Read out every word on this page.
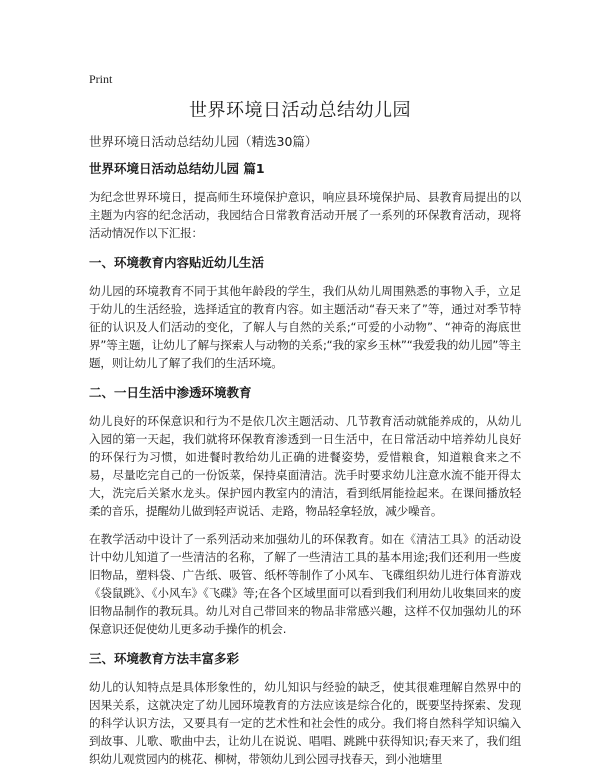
Print
世界环境日活动总结幼儿园

世界环境日活动总结幼儿园（精选30篇）

世界环境日活动总结幼儿园 篇1

为纪念世界环境日，提高师生环境保护意识，响应县环境保护局、县教育局提出的以主题为内容的纪念活动，我园结合日常教育活动开展了一系列的环保教育活动，现将活动情况作以下汇报：

一、环境教育内容贴近幼儿生活

幼儿园的环境教育不同于其他年龄段的学生，我们从幼儿周围熟悉的事物入手，立足于幼儿的生活经验，选择适宜的教育内容。如主题活动“春天来了”等，通过对季节特征的认识及人们活动的变化，了解人与自然的关系;“可爱的小动物”、“神奇的海底世界”等主题，让幼儿了解与探索人与动物的关系;“我的家乡玉林”“我爱我的幼儿园”等主题，则让幼儿了解了我们的生活环境。

二、一日生活中渗透环境教育

幼儿良好的环保意识和行为不是依几次主题活动、几节教育活动就能养成的，从幼儿入园的第一天起，我们就将环保教育渗透到一日生活中，在日常活动中培养幼儿良好的环保行为习惯，如进餐时教给幼儿正确的进餐姿势，爱惜粮食，知道粮食来之不易，尽量吃完自己的一份饭菜，保持桌面清洁。洗手时要求幼儿注意水流不能开得太大，洗完后关紧水龙头。保护园内教室内的清洁，看到纸屑能捡起来。在课间播放轻柔的音乐，提醒幼儿做到轻声说话、走路，物品轻拿轻放，减少噪音。

在教学活动中设计了一系列活动来加强幼儿的环保教育。如在《清洁工具》的活动设计中幼儿知道了一些清洁的名称，了解了一些清洁工具的基本用途;我们还利用一些废旧物品，塑料袋、广告纸、吸管、纸杯等制作了小风车、飞碟组织幼儿进行体育游戏《袋鼠跳》、《小风车》《飞碟》等;在各个区域里面可以看到我们利用幼儿收集回来的废旧物品制作的教玩具。幼儿对自己带回来的物品非常感兴趣，这样不仅加强幼儿的环保意识还促使幼儿更多动手操作的机会.

三、环境教育方法丰富多彩

幼儿的认知特点是具体形象性的，幼儿知识与经验的缺乏，使其很难理解自然界中的因果关系，这就决定了幼儿园环境教育的方法应该是综合化的，既要坚持探索、发现的科学认识方法，又要具有一定的艺术性和社会性的成分。我们将自然科学知识编入到故事、儿歌、歌曲中去，让幼儿在说说、唱唱、跳跳中获得知识;春天来了，我们组织幼儿观赏园内的桃花、柳树，带领幼儿到公园寻找春天，到小池塘里
